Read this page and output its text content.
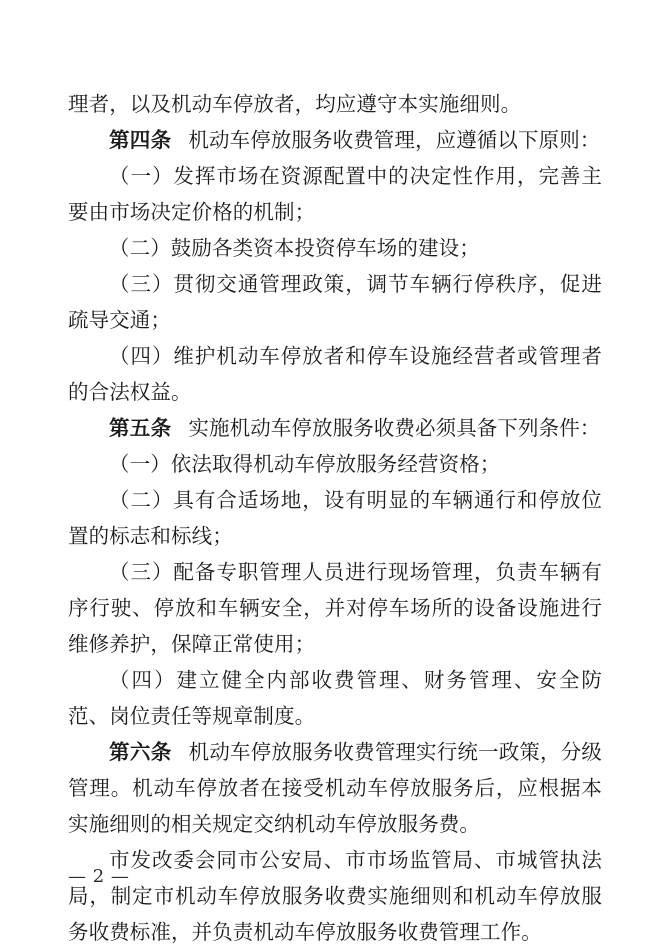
理者，以及机动车停放者，均应遵守本实施细则。

第四条 机动车停放服务收费管理，应遵循以下原则：

（一）发挥市场在资源配置中的决定性作用，完善主要由市场决定价格的机制；

（二）鼓励各类资本投资停车场的建设；

（三）贯彻交通管理政策，调节车辆行停秩序，促进疏导交通；

（四）维护机动车停放者和停车设施经营者或管理者的合法权益。

第五条 实施机动车停放服务收费必须具备下列条件：

（一）依法取得机动车停放服务经营资格；

（二）具有合适场地，设有明显的车辆通行和停放位置的标志和标线；

（三）配备专职管理人员进行现场管理，负责车辆有序行驶、停放和车辆安全，并对停车场所的设备设施进行维修养护，保障正常使用；

（四）建立健全内部收费管理、财务管理、安全防范、岗位责任等规章制度。

第六条 机动车停放服务收费管理实行统一政策，分级管理。机动车停放者在接受机动车停放服务后，应根据本实施细则的相关规定交纳机动车停放服务费。

市发改委会同市公安局、市市场监管局、市城管执法局，制定市机动车停放服务收费实施细则和机动车停放服务收费标准，并负责机动车停放服务收费管理工作。

— 2 —
